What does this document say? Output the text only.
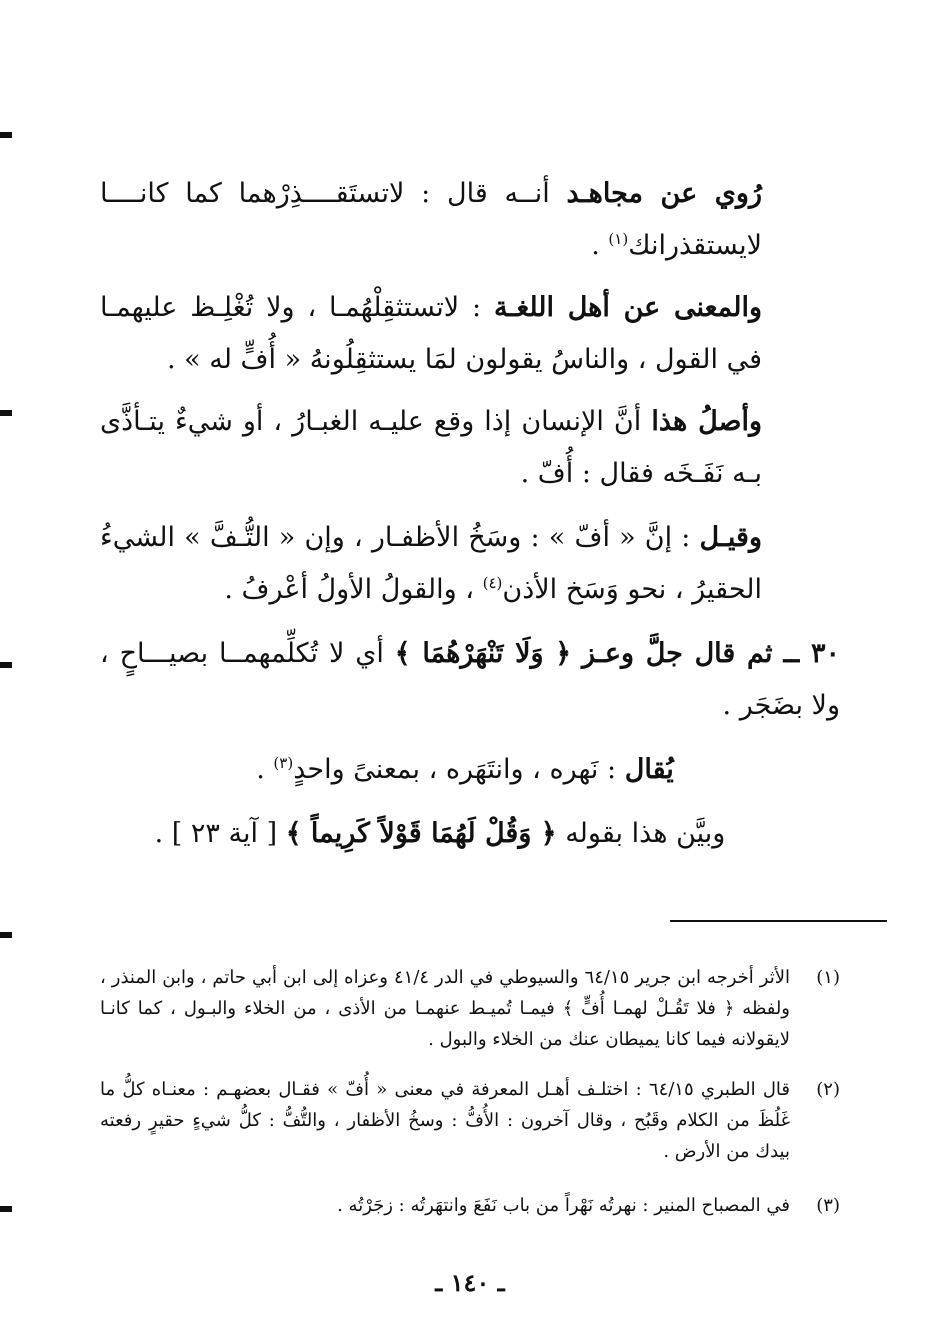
رُوي عن مجاهـد أنــه قال : لاتستَقــــذِرْهما كما كانــــا لايستقذرانك$^{(١)}$ .
والمعنى عن أهل اللغـة : لاتستثقِلْهُمـا ، ولا تُغْلِـظ عليهمـا في القول ، والناسُ يقولون لمَا يستثقِلُونهُ « أُفٍّ له » .
وأصلُ هذا أنَّ الإنسان إذا وقع عليـه الغبـارُ ، أو شيءٌ يتـأذَّى بـه نَفَـخَه فقال : أُفّ .
وقيـل : إنَّ « أفّ » : وسَخُ الأظفـار ، وإن « التُّـفَّ » الشيءُ الحقيرُ ، نحو وَسَخ الأذن$^{(٤)}$ ، والقولُ الأولُ أعْرفُ .
٣٠ ــ ثم قال جلَّ وعـز ﴿ وَلَا تَنْهَرْهُمَا ﴾ أي لا تُكلِّمهمــا بصيـــاحٍ ، ولا بضَجَر .
يُقال : نَهره ، وانتَهَره ، بمعنىً واحدٍ$^{(٣)}$ .
وبيَّن هذا بقوله ﴿ وَقُلْ لَهُمَا قَوْلاً كَرِيماً ﴾ [ آية ٢٣ ] .
(١)
الأثر أخرجه ابن جرير ٦٤/١٥ والسيوطي في الدر ٤١/٤ وعزاه إلى ابن أبي حاتم ، وابن المنذر ، ولفظه ﴿ فلا تَقُـلْ لهمـا أُفٍّ ﴾ فيمـا تُميـط عنهمـا من الأذى ، من الخلاء والبـول ، كما كانـا لايقولانه فيما كانا يميطان عنك من الخلاء والبول .
(٢)
قال الطبري ٦٤/١٥ : اختلـف أهـل المعرفة في معنى « أُفّ » فقـال بعضهـم : معنـاه كلُّ ما غَلُظَ من الكلام وقَبُح ، وقال آخرون : الأُفُّ : وسخُ الأظفار ، والتُّفُّ : كلُّ شيءٍ حقيرٍ رفعته بيدك من الأرض .
(٣)
في المصباح المنير : نهرتُه نَهْراً من باب نَفَعَ وانتهَرتُه : زجَرْتُه .
ـ ١٤٠ ـ
